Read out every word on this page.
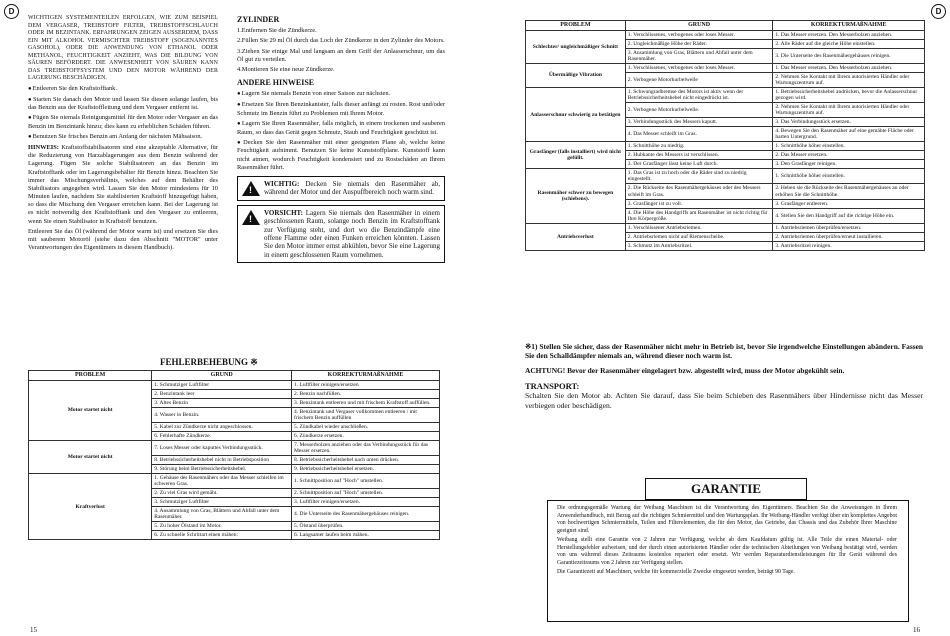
D
15

WICHTIGEN SYSTEMENTEILEN ERFOLGEN, WIE ZUM BEISPIEL DEM VERGASER, TREIBSTOFF FILTER, TREIBSTOFFSCHLAUCH ODER IM BEZINTANK. ERFAHRUNGEN ZEIGEN AUSSERDEM, DASS EIN MIT ALKOHOL VERMISCHTER TREIBSTOFF (SOGENANNTES GASOHOL), ODER DIE ANWENDUNG VON ETHANOL ODER METHANOL, FEUCHTIGKEIT ANZIEHT, WAS DIE BILDUNG VON SÄUREN BEFÖRDERT. DIE ANWESENHEIT VON SÄUREN KANN DAS TREIBSTOFFSYSTEM UND DEN MOTOR WÄHREND DER LAGERUNG BESCHÄDIGEN.

● Entleeren Sie den Kraftstofftank.

● Starten Sie danach den Motor und lassen Sie diesen solange laufen, bis das Benzin aus der Kraftstoffleitung und dem Vergaser entfernt ist.

● Fügen Sie niemals Reinigungsmittel für den Motor oder Vergaser an das Benzin im Benzintank hinzu; dies kann zu erheblichen Schäden führen.

● Benutzen Sie frisches Benzin am Anfang der nächsten Mähsaison.

HINWEIS: Kraftstoffstabilisatoren sind eine akzeptable Alternative, für die Reduzierung von Harzablagerungen aus dem Benzin während der Lagerung. Fügen Sie solche Stabilisatoren an das Benzin im Kraftstofftank oder im Lagerungsbehälter für Benzin hinzu. Beachten Sie immer das Mischungsverhältnis, welches auf dem Behälter des Stabilisators angegeben wird. Lassen Sie den Motor mindestens für 10 Minuten laufen, nachdem Sie stabilisierten Kraftstoff hinzugefügt haben, so dass die Mischung den Vergaser erreichen kann. Bei der Lagerung ist es nicht notwendig den Kraftstofftank und den Vergaser zu entleeren, wenn Sie einen Stabilisator in Kraftstoff benutzen.

Entleeren Sie das Öl (während der Motor warm ist) und ersetzen Sie dies mit sauberem Motoröl (siehe dazu den Abschnitt "MOTOR" unter Verantwortungen des Eigentümers in diesem Handbuch).

ZYLINDER

1.Entfernen Sie die Zündkerze.

2.Füllen Sie 29 ml Öl durch das Loch der Zündkerze in den Zylinder des Motors.

3.Ziehen Sie einige Mal und langsam an dem Griff der Anlasserschnur, um das Öl gut zu verteilen.

4.Montieren Sie eine neue Zündkerze.

ANDERE HINWEISE

● Lagern Sie niemals Benzin von einer Saison zur nächsten.

● Ersetzen Sie Ihren Benzinkanister, falls dieser anfängt zu rosten. Rost und/oder Schmutz im Benzin führt zu Problemen mit Ihrem Motor.

● Lagern Sie Ihren Rasenmäher, falls möglich, in einem trockenen und sauberen Raum, so dass das Gerät gegen Schmutz, Staub und Feuchtigkeit geschützt ist.

● Decken Sie den Rasenmäher mit einer geeigneten Plane ab, welche keine Feuchtigkeit aufnimmt. Benutzen Sie keine Kunststoffplane. Kunststoff kann nicht atmen, wodurch Feuchtigkeit kondensiert und zu Rostschäden an Ihrem Rasenmäher führt.

!
WICHTIG: Decken Sie niemals den Rasenmäher ab, während der Motor und der Auspuffbereich noch warm sind.
!
VORSICHT: Lagern Sie niemals den Rasenmäher in einem geschlossenen Raum, solange noch Benzin im Kraftstofftank zur Verfügung steht, und dort wo die Benzindämpfe eine offene Flamme oder einen Funken erreichen könnten. Lassen Sie den Motor immer ernst abkühlen, bevor Sie eine Lagerung in einem geschlossenen Raum vornehmen.
FEHLERBEHEBUNG ※
PROBLEM	GRUND	KORREKTURMAßNAHME
Motor startet nicht	1. Schmutziger Luftfilter	1. Luftfilter reinigen/ersetzen
	2. Benzintank leer	2. Benzin nachfüllen.
	3. Altes Benzin	3. Benzintank entleeren und mit frischem Kraftstoff auffüllen.
	4. Wasser in Benzin.	4. Benzintank und Vergaser vollkommen entleeren / mit frischem Benzin auffüllen
	5. Kabel zur Zündkerze nicht angeschlossen.	5. Zündkabel wieder anschließen.
	6. Fehlerhafte Zündkerze.	6. Zündkerze ersetzen.
Motor startet nicht	7. Loses Messer oder kaputtes Verbindungsstück.	7. Messerbolzen anziehen oder das Verbindungsstück für das Messer ersetzen.
	8. Betriebssicherheitshebel nicht in Betriebsposition	8. Betriebssicherheitshebel nach unten drücken.
	9. Störung beim Betriebssicherheitshebel.	9. Betriebssicherheitshebel ersetzen.
Kraftverlust	1. Gehäuse des Rasenmähers oder das Messer schleifen im schweren Gras.	1. Schnittposition auf "Hoch" umstellen.
	2. Zu viel Gras wird gemäht.	2. Schnittposition auf "Hoch" umstellen.
	3. Schmutziger Luftfilter	3. Luftfilter reinigen/ersetzen.
	4. Ansammlung von Gras, Blättern und Abfall unter dem Rasenmäher.	4. Die Unterseite des Rasenmähergehäuses reinigen.
	5. Zu hoher Ölstand im Motor.	5. Ölstand überprüfen.
	6. Zu schnelle Schrittart einen mähen:	6. Langsamer laufen beim mähen.
D
16
PROBLEM	GRUND	KORREKTURMAßNAHME
Schlechter/ ungleichmäßiger Schnitt	1. Verschlissenes, verbogenes oder loses Messer.	1. Das Messer ersetzen. Den Messerbolzen anziehen.
	2. Ungleichmäßige Höhe der Räder.	2. Alle Räder auf die gleiche Höhe einstellen.
	3. Ansammlung von Gras, Blättern und Abfall unter dem Rasenmäher.	3. Die Unterseite des Rasenmähergehäuses reinigen.
Übermäßige Vibration	1. Verschlissenes, verbogenes oder loses Messer.	1. Das Messer ersetzen. Den Messerbolzen anziehen.
	2. Verbogene Motorkurbelwelle	2. Nehmen Sie Kontakt mit Ihrem autorisierten Händler oder Wartungszentrum auf.
Anlasserschnur schwierig zu betätigen	1. Schwungradbremse des Motors ist aktiv wenn der Betriebssicherheitshebel nicht eingedrückt ist.	1. Betriebssicherheitshebel andrücken, bevor die Anlasserschnur gezogen wird.
	2. Verbogene Motorkurbelwelle.	2. Nehmen Sie Kontakt mit Ihrem autorisierten Händler oder Wartungszentrum auf.
	3. Verbindungsstück des Messers kaputt.	3. Das Verbindungsstück ersetzen.
	4. Das Messer schleift im Gras.	4. Bewegen Sie den Rasenmäher auf eine gemähte Fläche oder harten Untergrund.
Grasfänger (falls installiert) wird nicht gefüllt.	1. Schnitthöhe zu niedrig.	1. Schnitthöhe höher einstellen.
	2. Hubkante des Messers ist verschlissen.	2. Das Messer ersetzen.
	3. Der Grasfänger lässt keine Luft durch.	3. Den Grasfänger reinigen.
Rasenmäher schwer zu bewegen (schiebens).	1. Das Gras ist zu hoch oder die Räder sind zu niedrig eingestellt.	1. Schnitthöhe höher einstellen.
	2. Die Rückseite des Rasenmähergehäuses oder des Messers schleift im Gras.	2. Heben sie die Rückseite des Rasenmähergehäuses an oder erhöhen Sie die Schnitthöhe.
	3. Grasfänger ist zu voll.	3. Grasfänger entleeren.
	4. Die Höhe des Handgriffs am Rasenmäher ist nicht richtig für Ihre Körpergröße.	4. Stellen Sie den Handgriff auf die richtige Höhe ein.
Antriebsverlust	1. Verschlissener Antriebsriemen.	1. Antriebsriemen überprüfen/ersetzen.
	2. Antriebsriemen nicht auf Riemenscheibe.	2. Antriebsriemen überprüfen/erneut installieren.
	3. Schmutz im Antriebsritzel.	3. Antriebsritzel reinigen.

※1) Stellen Sie sicher, dass der Rasenmäher nicht mehr in Betrieb ist, bevor Sie irgendwelche Einstellungen abändern. Fassen Sie den Schalldämpfer niemals an, während dieser noch warm ist.

ACHTUNG! Bevor der Rasenmäher eingelagert bzw. abgestellt wird, muss der Motor abgekühlt sein.

TRANSPORT:

Schalten Sie den Motor ab. Achten Sie darauf, dass Sie beim Schieben des Rasenmähers über Hindernisse nicht das Messer verbiegen oder beschädigen.

GARANTIE

Die ordnungsgemäße Wartung der Weibang Maschinen ist die Verantwortung des Eigentümers. Beachten Sie die Anweisungen in Ihrem Anwenderhandbuch, mit Bezug auf die richtigen Schmiermittel und den Wartungsplan. Ihr Weibang-Händler verfügt über ein komplettes Angebot von hochwertigen Schmiermitteln, Teilen und Filterelementen, die für den Motor, das Getriebe, das Chassis und das Zubehör Ihrer Maschine geeignet sind.

Weibang stellt eine Garantie von 2 Jahren zur Verfügung, welche ab dem Kaufdatum gültig ist. Alle Teile die einen Material- oder Herstellungsfehler aufweisen, und der durch einen autorisierten Händler oder die technischen Abteilungen von Weibang bestätigt wird, werden von uns während dieses Zeitraums kostenlos repariert oder ersetzt. Wir werden Reparaturdienstleistungen für Ihr Gerät während des Garantiezeitraums von 2 Jahren zur Verfügung stellen.

Die Garantiezeit auf Maschinen, welche für kommerzielle Zwecke eingesetzt werden, beträgt 90 Tage.
